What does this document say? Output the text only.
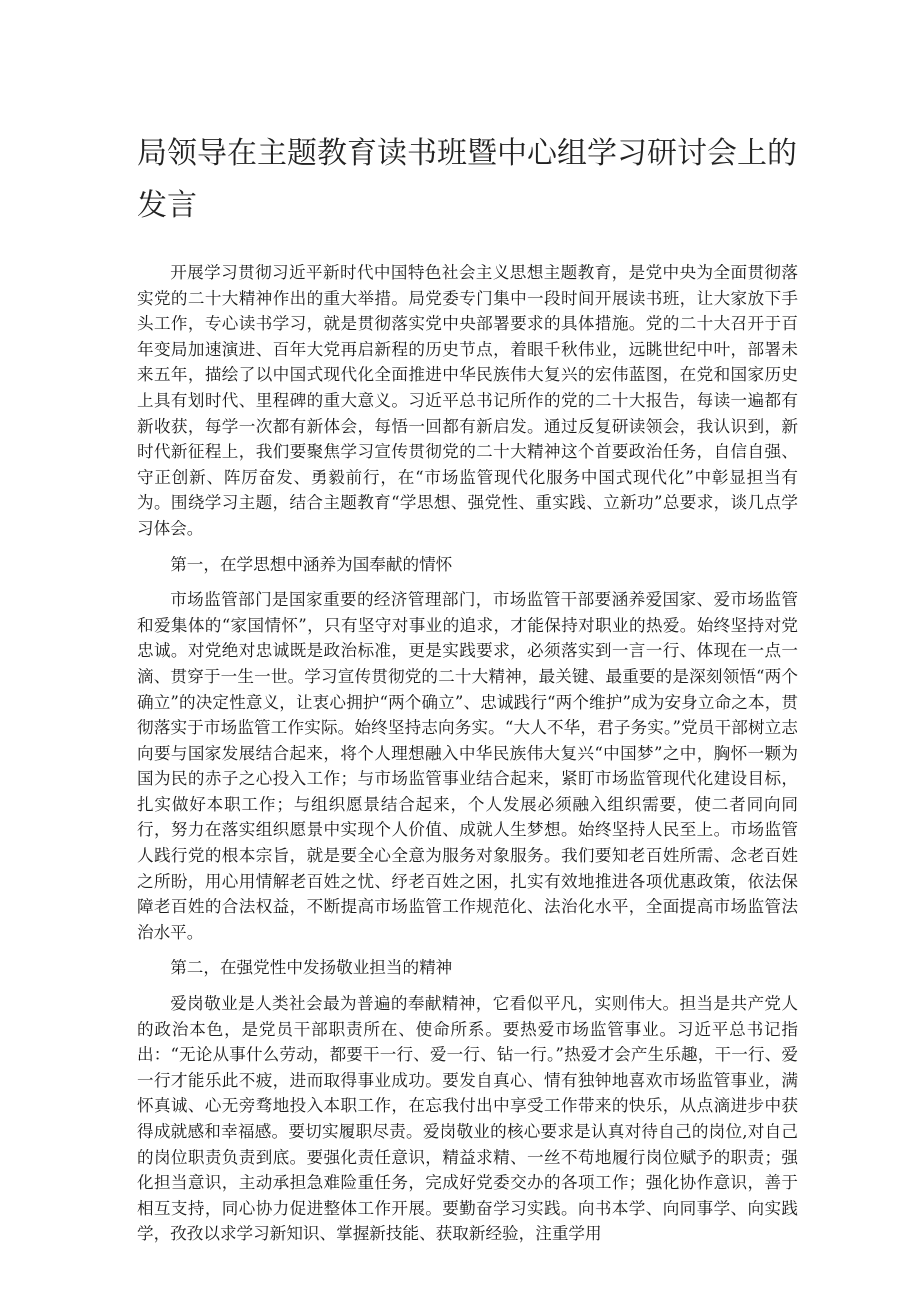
局领导在主题教育读书班暨中心组学习研讨会上的发言

开展学习贯彻习近平新时代中国特色社会主义思想主题教育，是党中央为全面贯彻落实党的二十大精神作出的重大举措。局党委专门集中一段时间开展读书班，让大家放下手头工作，专心读书学习，就是贯彻落实党中央部署要求的具体措施。党的二十大召开于百年变局加速演进、百年大党再启新程的历史节点，着眼千秋伟业，远眺世纪中叶，部署未来五年，描绘了以中国式现代化全面推进中华民族伟大复兴的宏伟蓝图，在党和国家历史上具有划时代、里程碑的重大意义。习近平总书记所作的党的二十大报告，每读一遍都有新收获，每学一次都有新体会，每悟一回都有新启发。通过反复研读领会，我认识到，新时代新征程上，我们要聚焦学习宣传贯彻党的二十大精神这个首要政治任务，自信自强、守正创新、阵厉奋发、勇毅前行，在“市场监管现代化服务中国式现代化”中彰显担当有为。围绕学习主题，结合主题教育“学思想、强党性、重实践、立新功”总要求，谈几点学习体会。

第一，在学思想中涵养为国奉献的情怀

市场监管部门是国家重要的经济管理部门，市场监管干部要涵养爱国家、爱市场监管和爱集体的“家国情怀”，只有坚守对事业的追求，才能保持对职业的热爱。始终坚持对党忠诚。对党绝对忠诚既是政治标准，更是实践要求，必须落实到一言一行、体现在一点一滴、贯穿于一生一世。学习宣传贯彻党的二十大精神，最关键、最重要的是深刻领悟“两个确立”的决定性意义，让衷心拥护“两个确立”、忠诚践行“两个维护”成为安身立命之本，贯彻落实于市场监管工作实际。始终坚持志向务实。“大人不华，君子务实。”党员干部树立志向要与国家发展结合起来，将个人理想融入中华民族伟大复兴“中国梦”之中，胸怀一颗为国为民的赤子之心投入工作；与市场监管事业结合起来，紧盯市场监管现代化建设目标，扎实做好本职工作；与组织愿景结合起来，个人发展必须融入组织需要，使二者同向同行，努力在落实组织愿景中实现个人价值、成就人生梦想。始终坚持人民至上。市场监管人践行党的根本宗旨，就是要全心全意为服务对象服务。我们要知老百姓所需、念老百姓之所盼，用心用情解老百姓之忧、纾老百姓之困，扎实有效地推进各项优惠政策，依法保障老百姓的合法权益，不断提高市场监管工作规范化、法治化水平，全面提高市场监管法治水平。

第二，在强党性中发扬敬业担当的精神

爱岗敬业是人类社会最为普遍的奉献精神，它看似平凡，实则伟大。担当是共产党人的政治本色，是党员干部职责所在、使命所系。要热爱市场监管事业。习近平总书记指出：“无论从事什么劳动，都要干一行、爱一行、钻一行。”热爱才会产生乐趣，干一行、爱一行才能乐此不疲，进而取得事业成功。要发自真心、情有独钟地喜欢市场监管事业，满怀真诚、心无旁骛地投入本职工作，在忘我付出中享受工作带来的快乐，从点滴进步中获得成就感和幸福感。要切实履职尽责。爱岗敬业的核心要求是认真对待自己的岗位,对自己的岗位职责负责到底。要强化责任意识，精益求精、一丝不苟地履行岗位赋予的职责；强化担当意识，主动承担急难险重任务，完成好党委交办的各项工作；强化协作意识，善于相互支持，同心协力促进整体工作开展。要勤奋学习实践。向书本学、向同事学、向实践学，孜孜以求学习新知识、掌握新技能、获取新经验，注重学用
